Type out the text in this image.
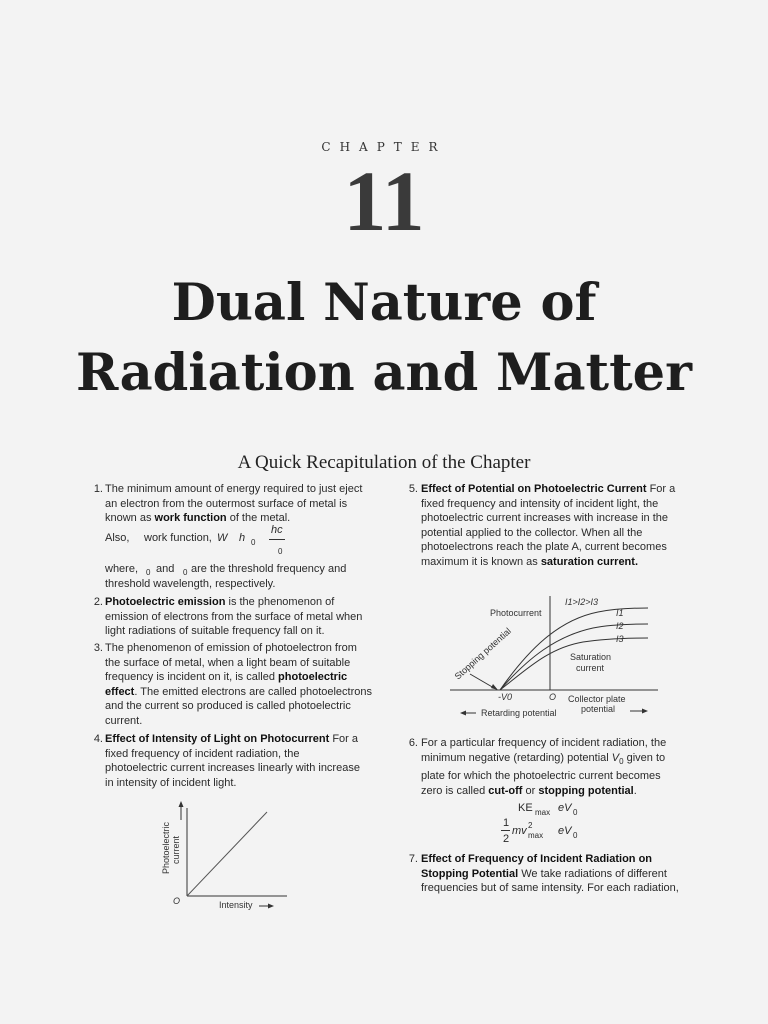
CHAPTER
11
Dual Nature of
Radiation and Matter
A Quick Recapitulation of the Chapter
1. The minimum amount of energy required to just eject
an electron from the outermost surface of metal is
known as work function of the metal.
Also, work function, W h 0
hc
0
where, 0 and 0 are the threshold frequency and
threshold wavelength, respectively.
2. Photoelectric emission is the phenomenon of
emission of electrons from the surface of metal when
light radiations of suitable frequency fall on it.
3. The phenomenon of emission of photoelectron from
the surface of metal, when a light beam of suitable
frequency is incident on it, is called photoelectric
effect. The emitted electrons are called photoelectrons
and the current so produced is called photoelectric
current.
4. Effect of Intensity of Light on Photocurrent For a
fixed frequency of incident radiation, the
photoelectric current increases linearly with increase
in intensity of incident light.
Photoelectric current
O	Intensity
5. Effect of Potential on Photoelectric Current For a
fixed frequency and intensity of incident light, the
photoelectric current increases with increase in the
potential applied to the collector. When all the
photoelectrons reach the plate A, current becomes
maximum it is known as saturation current.
Photocurrent
I1>I2>I3
I1
I2
I3
Stopping potential	Saturation
current
-V0	O Collector plate
potential
Retarding potential
6. For a particular frequency of incident radiation, the
minimum negative (retarding) potential $V_0$ given to
plate for which the photoelectric current becomes
zero is called cut-off or stopping potential.
KE max eV 0
1
2
mv 2
max eV 0
7. Effect of Frequency of Incident Radiation on
Stopping Potential We take radiations of different
frequencies but of same intensity. For each radiation,
